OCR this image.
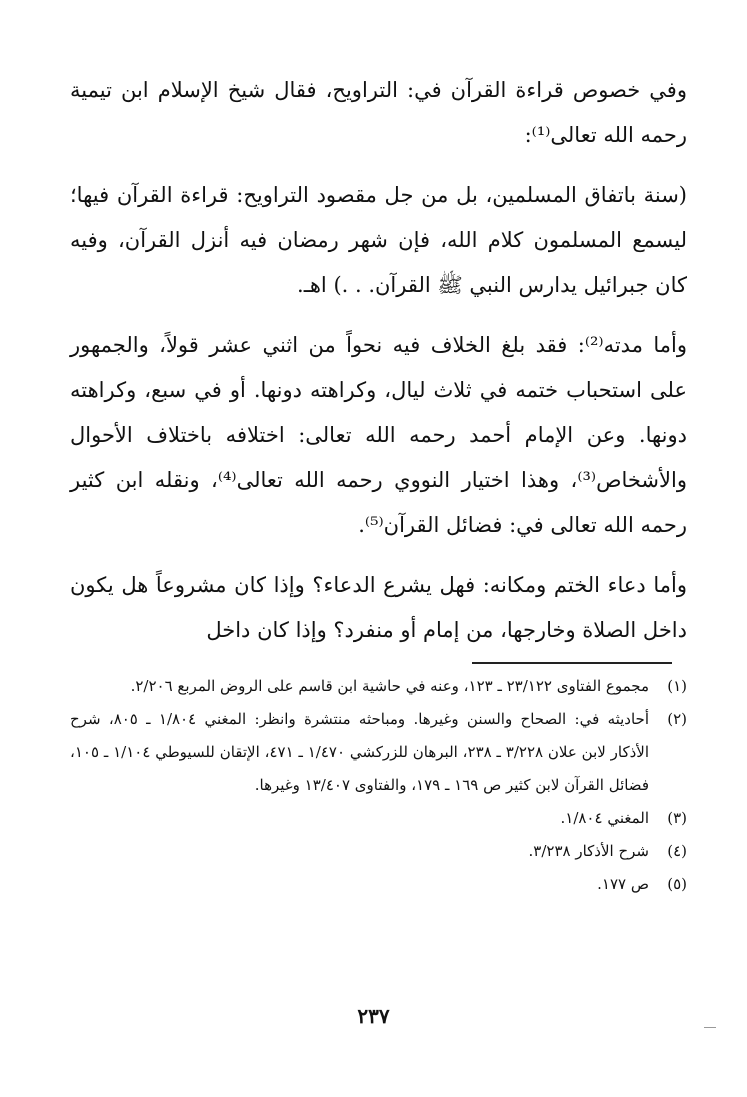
وفي خصوص قراءة القرآن في: التراويح، فقال شيخ الإسلام ابن تيمية رحمه الله تعالى⁽¹⁾:

(سنة باتفاق المسلمين، بل من جل مقصود التراويح: قراءة القرآن فيها؛ ليسمع المسلمون كلام الله، فإن شهر رمضان فيه أنزل القرآن، وفيه كان جبرائيل يدارس النبي ﷺ القرآن. . .) اهـ.

وأما مدته⁽²⁾: فقد بلغ الخلاف فيه نحواً من اثني عشر قولاً، والجمهور على استحباب ختمه في ثلاث ليال، وكراهته دونها. أو في سبع، وكراهته دونها. وعن الإمام أحمد رحمه الله تعالى: اختلافه باختلاف الأحوال والأشخاص⁽³⁾، وهذا اختيار النووي رحمه الله تعالى⁽⁴⁾، ونقله ابن كثير رحمه الله تعالى في: فضائل القرآن⁽⁵⁾.

وأما دعاء الختم ومكانه: فهل يشرع الدعاء؟ وإذا كان مشروعاً هل يكون داخل الصلاة وخارجها، من إمام أو منفرد؟ وإذا كان داخل

(١)
مجموع الفتاوى ٢٣/١٢٢ ـ ١٢٣، وعنه في حاشية ابن قاسم على الروض المربع ٢/٢٠٦.
(٢)
أحاديثه في: الصحاح والسنن وغيرها. ومباحثه منتشرة وانظر: المغني ١/٨٠٤ ـ ٨٠٥، شرح الأذكار لابن علان ٣/٢٢٨ ـ ٢٣٨، البرهان للزركشي ١/٤٧٠ ـ ٤٧١، الإتقان للسيوطي ١/١٠٤ ـ ١٠٥، فضائل القرآن لابن كثير ص ١٦٩ ـ ١٧٩، والفتاوى ١٣/٤٠٧ وغيرها.
(٣)
المغني ١/٨٠٤.
(٤)
شرح الأذكار ٣/٢٣٨.
(٥)
ص ١٧٧.
٢٣٧
